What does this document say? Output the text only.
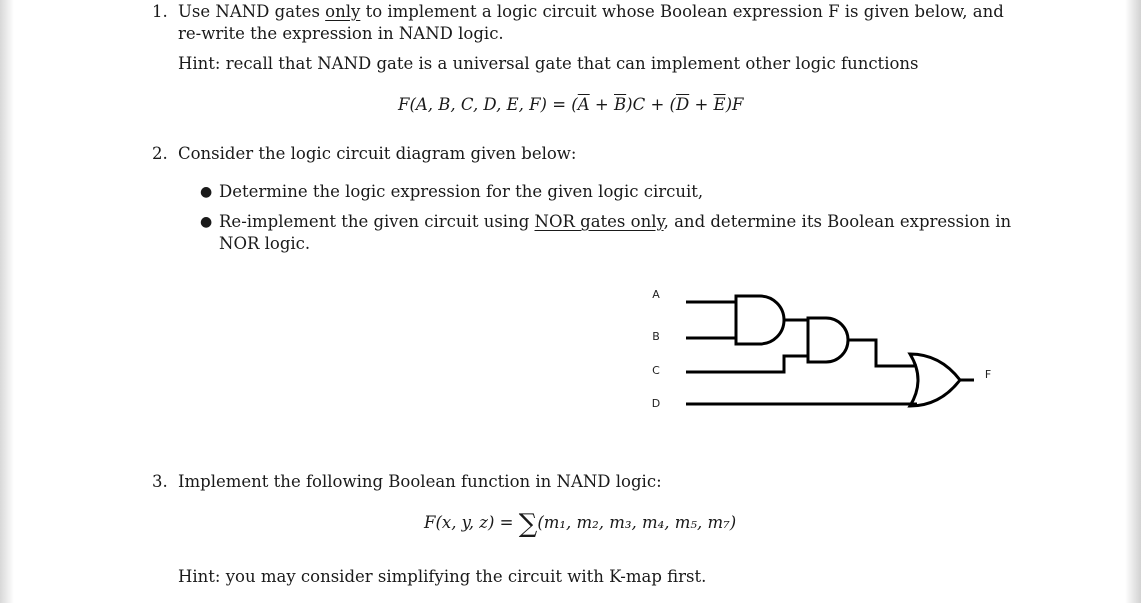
1. Use NAND gates only to implement a logic circuit whose Boolean expression F is given below, and
re-write the expression in NAND logic.
Hint: recall that NAND gate is a universal gate that can implement other logic functions
F(A, B, C, D, E, $F) = (\overline{A} + \overline{B})C + (\overline{D} + \overline{E})F$
2. Consider the logic circuit diagram given below:
● Determine the logic expression for the given logic circuit,
● Re-implement the given circuit using NOR gates only, and determine its Boolean expression in
NOR logic.
A
B
C
D
F
3. Implement the following Boolean function in NAND logic:
F(x, y, z) = ∑(m₁, m₂, m₃, m₄, m₅, m₇)
Hint: you may consider simplifying the circuit with K-map first.
